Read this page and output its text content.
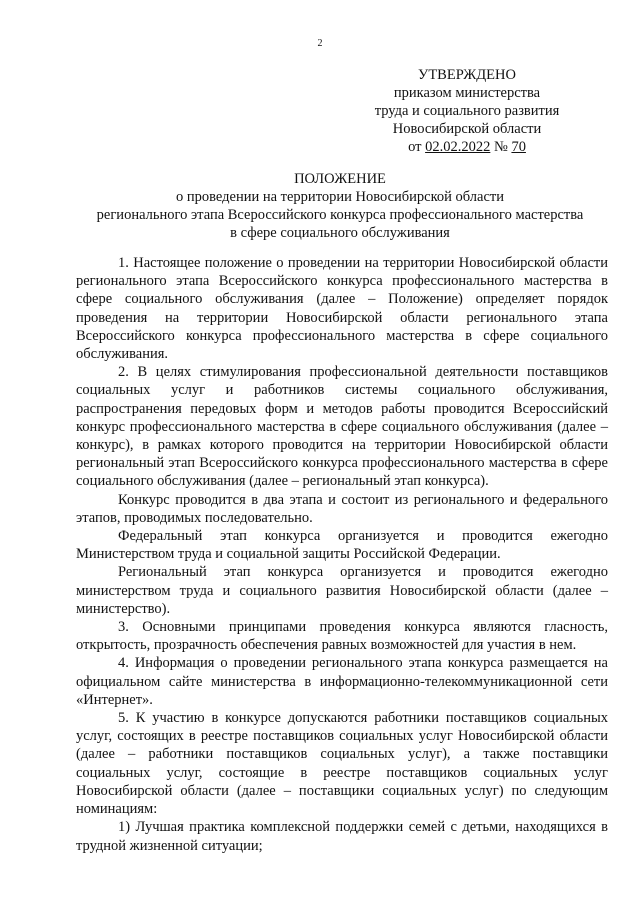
2
УТВЕРЖДЕНО
приказом министерства
труда и социального развития
Новосибирской области
от 02.02.2022 № 70
ПОЛОЖЕНИЕ
о проведении на территории Новосибирской области
регионального этапа Всероссийского конкурса профессионального мастерства
в сфере социального обслуживания

1. Настоящее положение о проведении на территории Новосибирской области регионального этапа Всероссийского конкурса профессионального мастерства в сфере социального обслуживания (далее – Положение) определяет порядок проведения на территории Новосибирской области регионального этапа Всероссийского конкурса профессионального мастерства в сфере социального обслуживания.

2. В целях стимулирования профессиональной деятельности поставщиков социальных услуг и работников системы социального обслуживания, распространения передовых форм и методов работы проводится Всероссийский конкурс профессионального мастерства в сфере социального обслуживания (далее – конкурс), в рамках которого проводится на территории Новосибирской области региональный этап Всероссийского конкурса профессионального мастерства в сфере социального обслуживания (далее – региональный этап конкурса).

Конкурс проводится в два этапа и состоит из регионального и федерального этапов, проводимых последовательно.

Федеральный этап конкурса организуется и проводится ежегодно Министерством труда и социальной защиты Российской Федерации.

Региональный этап конкурса организуется и проводится ежегодно министерством труда и социального развития Новосибирской области (далее – министерство).

3. Основными принципами проведения конкурса являются гласность, открытость, прозрачность обеспечения равных возможностей для участия в нем.

4. Информация о проведении регионального этапа конкурса размещается на официальном сайте министерства в информационно-телекоммуникационной сети «Интернет».

5. К участию в конкурсе допускаются работники поставщиков социальных услуг, состоящих в реестре поставщиков социальных услуг Новосибирской области (далее – работники поставщиков социальных услуг), а также поставщики социальных услуг, состоящие в реестре поставщиков социальных услуг Новосибирской области (далее – поставщики социальных услуг) по следующим номинациям:

1) Лучшая практика комплексной поддержки семей с детьми, находящихся в трудной жизненной ситуации;
